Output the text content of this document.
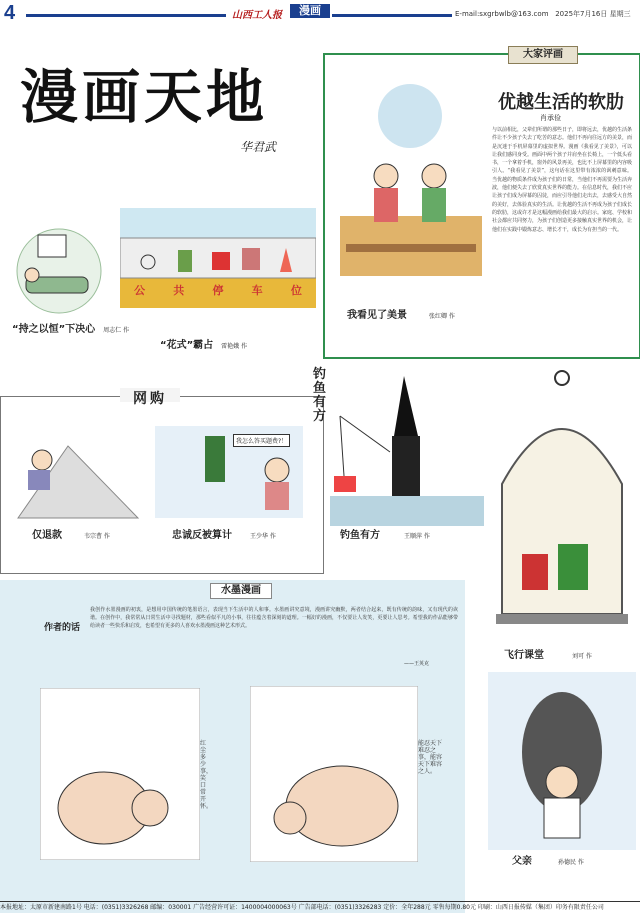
4	山西工人报	漫画	E-mail:sxgrbwlb@163.com 2025年7月16日 星期三
漫画天地
华君武
“持之以恒”下决心 周志仁 作
公	共	停	车	位
“花式”霸占 雷艳娥 作
大家评画
我看见了美景	张红卿 作
优越生活的软肋
肖承俭
与以前相比，父辈们所谓的那些日子，即将远去，优越的生活条件让不少孩子失去了吃苦的意志。他们不再向往远方的美景，而是沉迷于手机屏幕里的虚拟世界。漫画《我看见了美景》，可以让我们感同身受。画面中两个孩子并肩坐在长椅上，一个低头看书，一个拿着手机，窗外的风景再美，也比不上屏幕里的内容吸引人。“我看见了美景”，这句话在这里带有浓浓的讽刺意味。当优越的物质条件成为孩子们的日常，当他们不再需要为生活奔波，他们便失去了欣赏真实世界的能力。在信息时代，我们不应让孩子们成为屏幕的囚徒，而应引导他们走出去，去感受大自然的美好，去体验真实的生活。让优越的生活不再成为孩子们成长的软肋，这或许才是这幅漫画给我们最大的启示。家庭、学校和社会都应共同努力，为孩子们创造更多接触真实世界的机会，让他们在实践中锻炼意志、增长才干，成长为有担当的一代。
网购
仅退款	韦宗曹 作
我怎么答买题费?！
忠诚反被算计	王少华 作
钓鱼有方
钓鱼有方	王顺萍 作
飞行课堂	刘可 作
父亲	孙德民 作
水墨漫画
作者的话
我创作水墨漫画的初衷，是想用中国传统的笔墨语言，表现当下生活中的人和事。水墨画讲究意境，漫画讲究幽默，两者结合起来，既有传统的韵味，又有现代的诙谐。在创作中，我常常从日常生活中寻找题材，那些看似平凡的小事，往往蕴含着深刻的道理。一幅好的漫画，不仅要让人发笑，更要让人思考。希望我的作品能够带给读者一些快乐和启发，也希望有更多的人喜欢水墨漫画这种艺术形式。
——王英克
红尘多少事，笑口常开怀。
能忍天下难忍之事，能容天下难容之人。
本报地址：太原市新建南路1号 电话：(0351)3326268 邮编：030001 广告经营许可证：1400004000063号 广告部电话：(0351)3326283 定价：全年288元 零售每期0.80元 印刷：山西日报传媒（集团）印务有限责任公司
